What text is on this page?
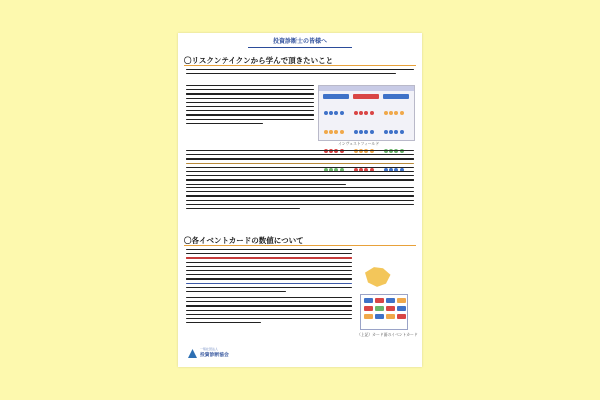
投資診断士の皆様へ
〇リスクンテイクンから学んで頂きたいこと

インヴェストフィールド
〇各イベントカードの数値について
（上記）カード面のイベントカード
一般社団法人
投資診断協会
